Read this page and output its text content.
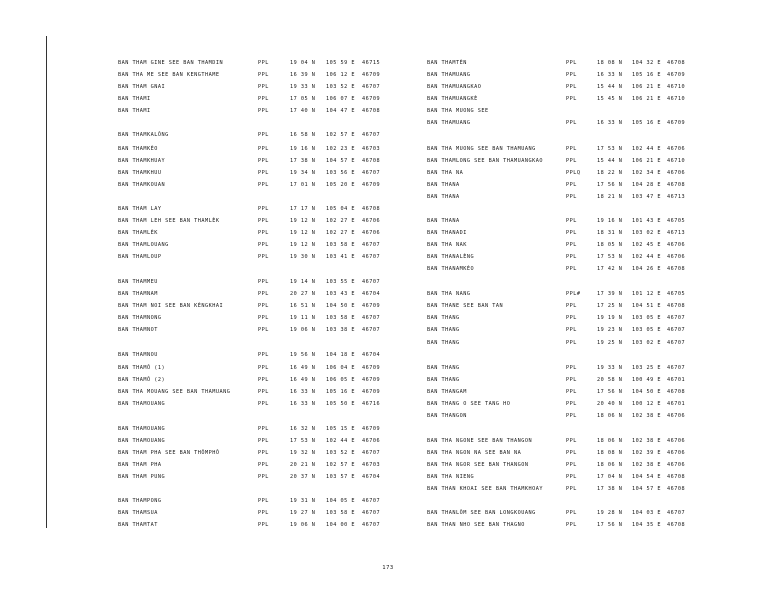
BAN THAM GINE SEE BAN THAMDIN	PPL	19 04 N 105 59 E 46715
BAN THA ME SEE BAN KENGTHAME	PPL	16 39 N 106 12 E 46709
BAN THAM GNAI	PPL	19 33 N 103 52 E 46707
BAN THAMI	PPL	17 05 N 106 07 E 46709
BAN THAMI	PPL	17 40 N 104 47 E 46708
BAN THAMKALÔNG	PPL	16 58 N 102 57 E 46707
BAN THAMKÈO	PPL	19 16 N 102 23 E 46703
BAN THAMKHUAY	PPL	17 38 N 104 57 E 46708
BAN THAMKHUU	PPL	19 34 N 103 56 E 46707
BAN THAMKOUAN	PPL	17 01 N 105 20 E 46709
BAN THAM LAY	PPL	17 17 N 105 04 E 46708
BAN THAM LEH SEE BAN THAMLÈK	PPL	19 12 N 102 27 E 46706
BAN THAMLÈK	PPL	19 12 N 102 27 E 46706
BAN THAMLOUANG	PPL	19 12 N 103 58 E 46707
BAN THAMLOUP	PPL	19 30 N 103 41 E 46707
BAN THAMMEU	PPL	19 14 N 103 55 E 46707
BAN THAMNAM	PPL	20 27 N 103 43 E 46704
BAN THAM NOI SEE BAN KÈNGKHAI	PPL	16 51 N 104 50 E 46709
BAN THAMNONG	PPL	19 11 N 103 58 E 46707
BAN THAMNOT	PPL	19 06 N 103 38 E 46707
BAN THAMNOU	PPL	19 56 N 104 18 E 46704
BAN THAMÔ (1)	PPL	16 49 N 106 04 E 46709
BAN THAMÔ (2)	PPL	16 49 N 106 05 E 46709
BAN THA MOUANG SEE BAN THAMUANG	PPL	16 33 N 105 16 E 46709
BAN THAMOUANG	PPL	16 33 N 105 50 E 46716
BAN THAMOUANG	PPL	16 32 N 105 15 E 46709
BAN THAMOUANG	PPL	17 53 N 102 44 E 46706
BAN THAM PHA SEE BAN THÔMPHÔ	PPL	19 32 N 103 52 E 46707
BAN THAM PHA	PPL	20 21 N 102 57 E 46703
BAN THAM PUNG	PPL	20 37 N 103 57 E 46704
BAN THAMPONG	PPL	19 31 N 104 05 E 46707
BAN THAMSUA	PPL	19 27 N 103 58 E 46707
BAN THAMTAT	PPL	19 06 N 104 00 E 46707
BAN THAMTÈN	PPL	18 08 N 104 32 E 46708
BAN THAMUANG	PPL	16 33 N 105 16 E 46709
BAN THAMUANGKAO	PPL	15 44 N 106 21 E 46710
BAN THAMUANGKÈ	PPL	15 45 N 106 21 E 46710
BAN THA MUONG SEE
BAN THAMUANG	PPL	16 33 N 105 16 E 46709
BAN THA MUONG SEE BAN THAMUANG	PPL	17 53 N 102 44 E 46706
BAN THAMLONG SEE BAN THAMUANGKAO	PPL	15 44 N 106 21 E 46710
BAN THA NA	PPLQ	18 22 N 102 34 E 46706
BAN THANA	PPL	17 56 N 104 28 E 46708
BAN THANA	PPL	18 21 N 103 47 E 46713
BAN THANA	PPL	19 16 N 101 43 E 46705
BAN THANADI	PPL	18 31 N 103 02 E 46713
BAN THA NAK	PPL	18 05 N 102 45 E 46706
BAN THANALÈNG	PPL	17 53 N 102 44 E 46706
BAN THANAMKÈO	PPL	17 42 N 104 26 E 46708
BAN THA NANG	PPL#	17 39 N 101 12 E 46705
BAN THANE SEE BAN TAN	PPL	17 25 N 104 51 E 46708
BAN THANG	PPL	19 19 N 103 05 E 46707
BAN THANG	PPL	19 23 N 103 05 E 46707
BAN THANG	PPL	19 25 N 103 02 E 46707
BAN THANG	PPL	19 33 N 103 25 E 46707
BAN THANG	PPL	20 58 N 100 49 E 46701
BAN THANGAM	PPL	17 56 N 104 50 E 46708
BAN THANG O SEE TANG HO	PPL	20 40 N 100 12 E 46701
BAN THANGON	PPL	18 06 N 102 38 E 46706
BAN THA NGONE SEE BAN THANGON	PPL	18 06 N 102 38 E 46706
BAN THA NGON NA SEE BAN NA	PPL	18 08 N 102 39 E 46706
BAN THA NGOR SEE BAN THANGON	PPL	18 06 N 102 38 E 46706
BAN THA NIENG	PPL	17 04 N 104 54 E 46708
BAN THAN KHOAI SEE BAN THAMKHOAY	PPL	17 38 N 104 57 E 46708
BAN THANLÔM SEE BAN LONGKOUANG	PPL	19 28 N 104 03 E 46707
BAN THAN NHO SEE BAN THAGNO	PPL	17 56 N 104 35 E 46708
173
